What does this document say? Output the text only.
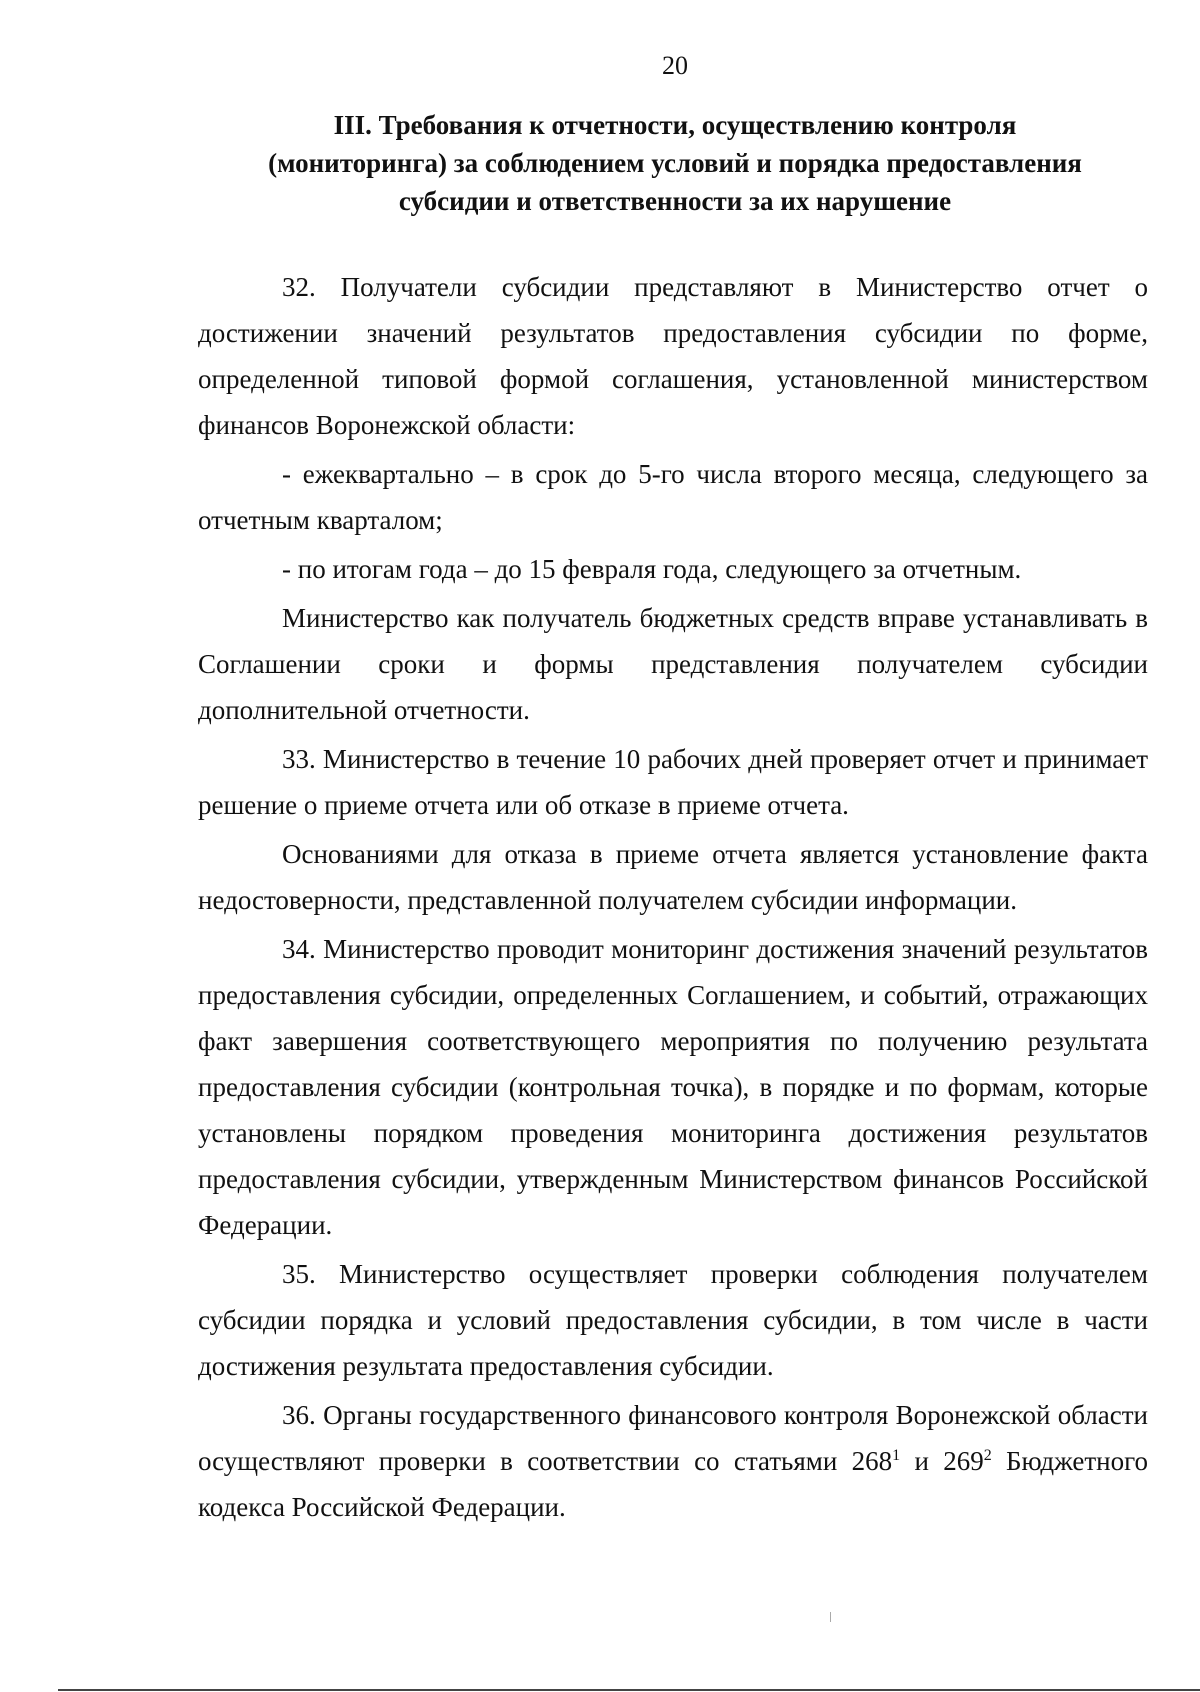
20
III. Требования к отчетности, осуществлению контроля
(мониторинга) за соблюдением условий и порядка предоставления
субсидии и ответственности за их нарушение

32. Получатели субсидии представляют в Министерство отчет о достижении значений результатов предоставления субсидии по форме, определенной типовой формой соглашения, установленной министерством финансов Воронежской области:

- ежеквартально – в срок до 5-го числа второго месяца, следующего за отчетным кварталом;

- по итогам года – до 15 февраля года, следующего за отчетным.

Министерство как получатель бюджетных средств вправе устанавливать в Соглашении сроки и формы представления получателем субсидии дополнительной отчетности.

33. Министерство в течение 10 рабочих дней проверяет отчет и принимает решение о приеме отчета или об отказе в приеме отчета.

Основаниями для отказа в приеме отчета является установление факта недостоверности, представленной получателем субсидии информации.

34. Министерство проводит мониторинг достижения значений результатов предоставления субсидии, определенных Соглашением, и событий, отражающих факт завершения соответствующего мероприятия по получению результата предоставления субсидии (контрольная точка), в порядке и по формам, которые установлены порядком проведения мониторинга достижения результатов предоставления субсидии, утвержденным Министерством финансов Российской Федерации.

35. Министерство осуществляет проверки соблюдения получателем субсидии порядка и условий предоставления субсидии, в том числе в части достижения результата предоставления субсидии.

36. Органы государственного финансового контроля Воронежской области осуществляют проверки в соответствии со статьями $268^1$ и $269^2$ Бюджетного кодекса Российской Федерации.
